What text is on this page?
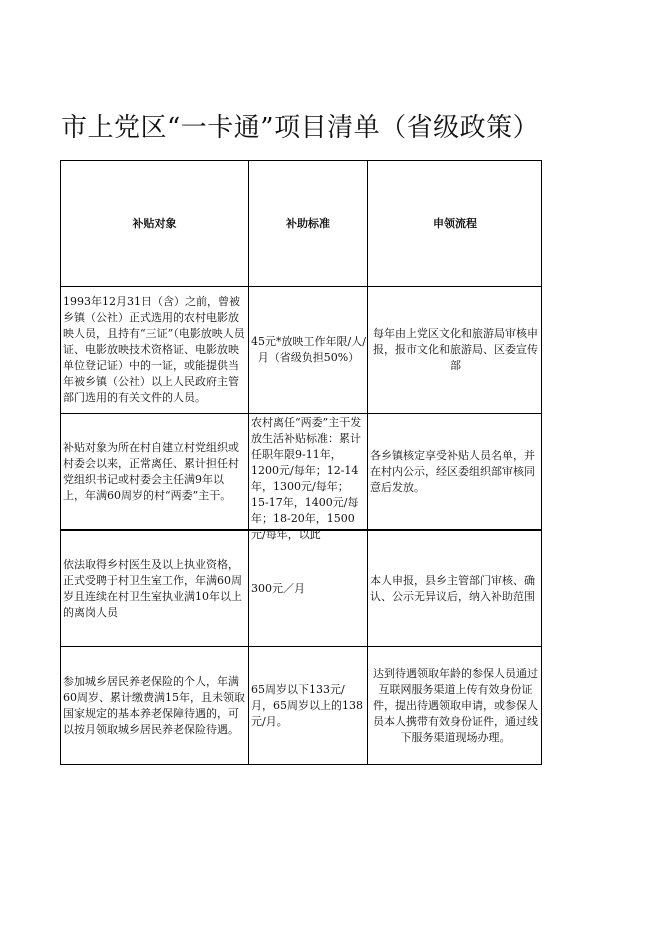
市上党区“一卡通”项目清单（省级政策）
补贴对象	补助标准	申领流程
1993年12月31日（含）之前，曾被乡镇（公社）正式选用的农村电影放映人员，且持有“三证”（电影放映人员证、电影放映技术资格证、电影放映单位登记证）中的一证，或能提供当年被乡镇（公社）以上人民政府主管部门选用的有关文件的人员。
45元*放映工作年限/人/月（省级负担50%）
每年由上党区文化和旅游局审核申报，报市文化和旅游局、区委宣传部
补贴对象为所在村自建立村党组织或村委会以来，正常离任、累计担任村党组织书记或村委会主任满9年以上，年满60周岁的村“两委”主干。
农村离任“两委”主干发放生活补贴标准：累计任职年限9-11年，1200元/每年；12-14年，1300元/每年；15-17年，1400元/每年；18-20年，1500元/每年，以此
各乡镇核定享受补贴人员名单，并在村内公示，经区委组织部审核同意后发放。
依法取得乡村医生及以上执业资格，正式受聘于村卫生室工作，年满60周岁且连续在村卫生室执业满10年以上的离岗人员
300元／月
本人申报，县乡主管部门审核、确认、公示无异议后，纳入补助范围
参加城乡居民养老保险的个人，年满60周岁、累计缴费满15年，且未领取国家规定的基本养老保障待遇的，可以按月领取城乡居民养老保险待遇。
65周岁以下133元/月，65周岁以上的138元/月。
达到待遇领取年龄的参保人员通过互联网服务渠道上传有效身份证件，提出待遇领取申请，或参保人员本人携带有效身份证件，通过线下服务渠道现场办理。
